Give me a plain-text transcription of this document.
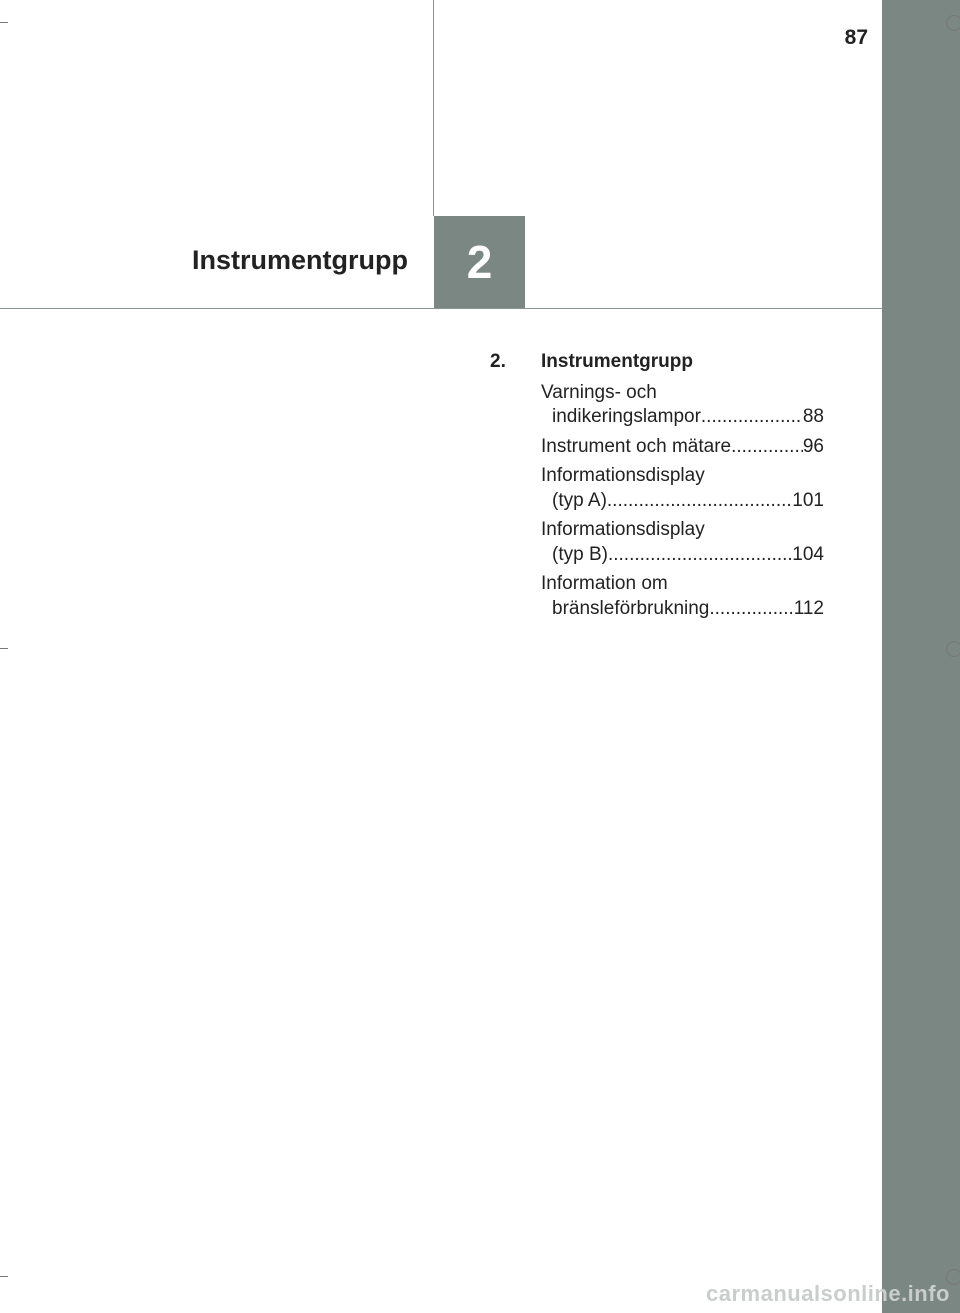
87
Instrumentgrupp	2
2.	Instrumentgrupp
Varnings- och
indikeringslampor .....	88
Instrument och mätare .....	96
Informationsdisplay
(typ A) .....	101
Informationsdisplay
(typ B) .....	104
Information om
bränsleförbrukning .....	112
carmanualsonline.info
